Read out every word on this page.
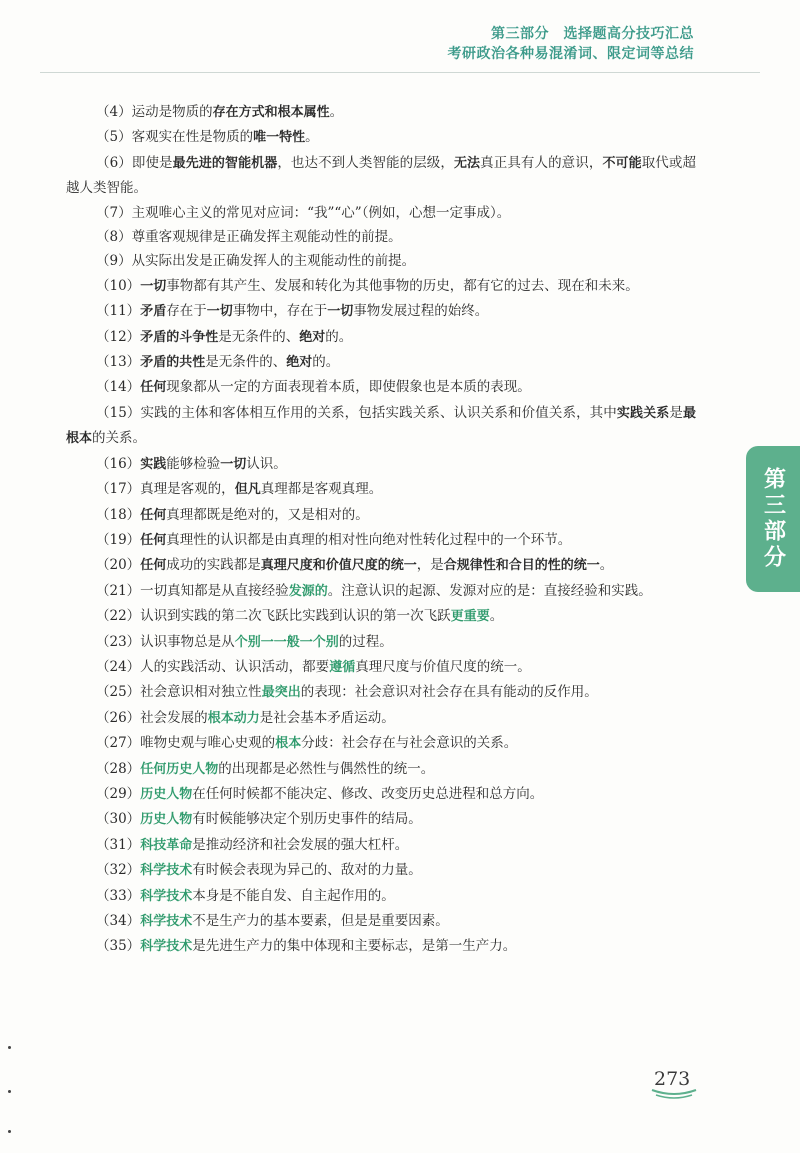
第三部分　选择题高分技巧汇总
考研政治各种易混淆词、限定词等总结

（4）运动是物质的存在方式和根本属性。

（5）客观实在性是物质的唯一特性。

（6）即使是最先进的智能机器，也达不到人类智能的层级，无法真正具有人的意识，不可能取代或超越人类智能。

（7）主观唯心主义的常见对应词：“我”“心”（例如，心想一定事成）。

（8）尊重客观规律是正确发挥主观能动性的前提。

（9）从实际出发是正确发挥人的主观能动性的前提。

（10）一切事物都有其产生、发展和转化为其他事物的历史，都有它的过去、现在和未来。

（11）矛盾存在于一切事物中，存在于一切事物发展过程的始终。

（12）矛盾的斗争性是无条件的、绝对的。

（13）矛盾的共性是无条件的、绝对的。

（14）任何现象都从一定的方面表现着本质，即使假象也是本质的表现。

（15）实践的主体和客体相互作用的关系，包括实践关系、认识关系和价值关系，其中实践关系是最根本的关系。

（16）实践能够检验一切认识。

（17）真理是客观的，但凡真理都是客观真理。

（18）任何真理都既是绝对的，又是相对的。

（19）任何真理性的认识都是由真理的相对性向绝对性转化过程中的一个环节。

（20）任何成功的实践都是真理尺度和价值尺度的统一，是合规律性和合目的性的统一。

（21）一切真知都是从直接经验发源的。注意认识的起源、发源对应的是：直接经验和实践。

（22）认识到实践的第二次飞跃比实践到认识的第一次飞跃更重要。

（23）认识事物总是从个别一一般一个别的过程。

（24）人的实践活动、认识活动，都要遵循真理尺度与价值尺度的统一。

（25）社会意识相对独立性最突出的表现：社会意识对社会存在具有能动的反作用。

（26）社会发展的根本动力是社会基本矛盾运动。

（27）唯物史观与唯心史观的根本分歧：社会存在与社会意识的关系。

（28）任何历史人物的出现都是必然性与偶然性的统一。

（29）历史人物在任何时候都不能决定、修改、改变历史总进程和总方向。

（30）历史人物有时候能够决定个别历史事件的结局。

（31）科技革命是推动经济和社会发展的强大杠杆。

（32）科学技术有时候会表现为异己的、敌对的力量。

（33）科学技术本身是不能自发、自主起作用的。

（34）科学技术不是生产力的基本要素，但是是重要因素。

（35）科学技术是先进生产力的集中体现和主要标志，是第一生产力。

第三部分
273
